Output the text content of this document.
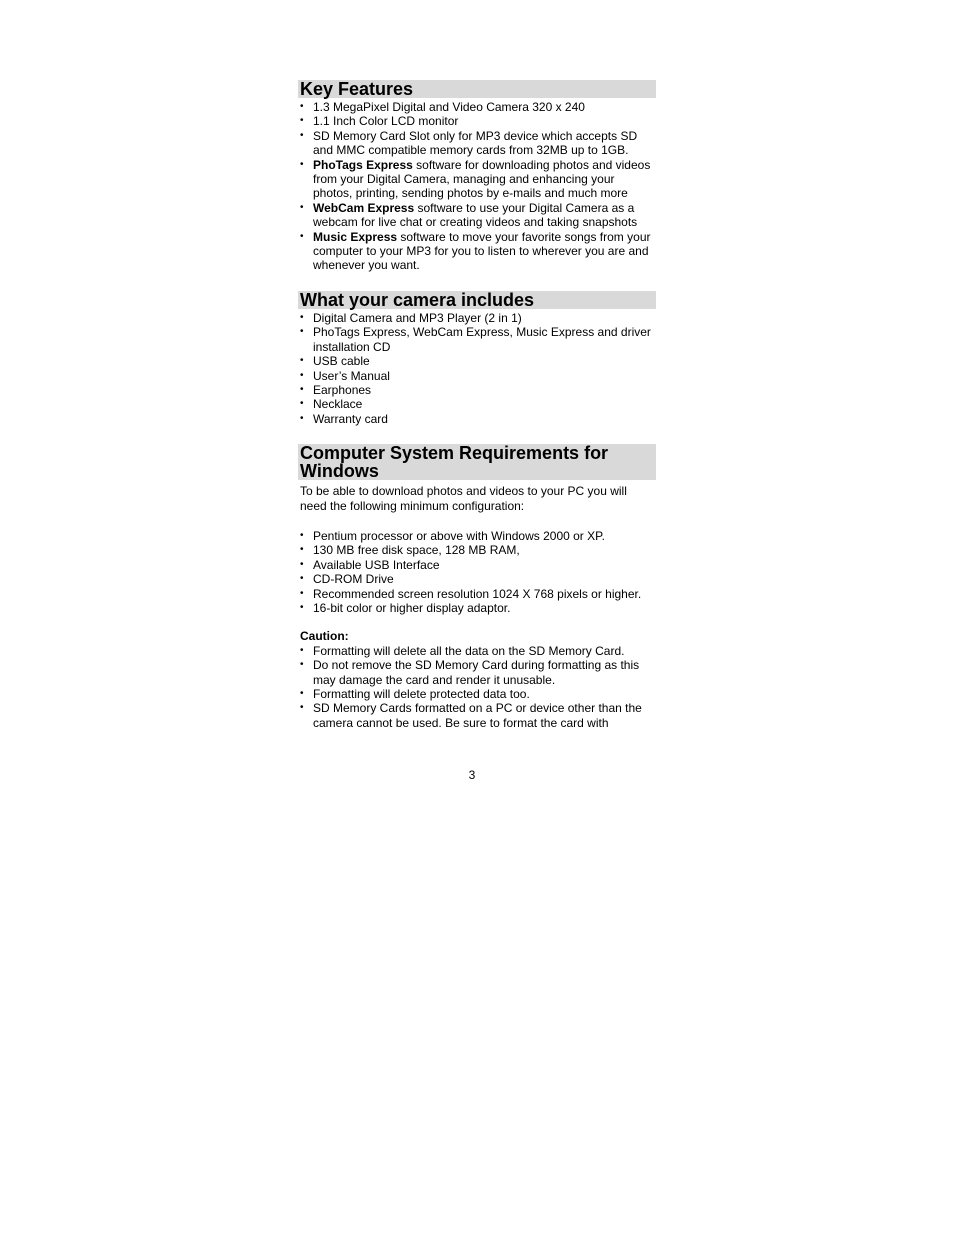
Key Features
• 1.3 MegaPixel Digital and Video Camera 320 x 240
• 1.1 Inch Color LCD monitor
• SD Memory Card Slot only for MP3 device which accepts SD and MMC compatible memory cards from 32MB up to 1GB.
• PhoTags Express software for downloading photos and videos from your Digital Camera, managing and enhancing your photos, printing, sending photos by e-mails and much more
• WebCam Express software to use your Digital Camera as a webcam for live chat or creating videos and taking snapshots
• Music Express software to move your favorite songs from your computer to your MP3 for you to listen to wherever you are and whenever you want.
What your camera includes
• Digital Camera and MP3 Player (2 in 1)
• PhoTags Express, WebCam Express, Music Express and driver installation CD
• USB cable
• User’s Manual
• Earphones
• Necklace
• Warranty card
Computer System Requirements for Windows

To be able to download photos and videos to your PC you will need the following minimum configuration:

• Pentium processor or above with Windows 2000 or XP.
• 130 MB free disk space, 128 MB RAM,
• Available USB Interface
• CD-ROM Drive
• Recommended screen resolution 1024 X 768 pixels or higher.
• 16-bit color or higher display adaptor.
Caution:
• Formatting will delete all the data on the SD Memory Card.
• Do not remove the SD Memory Card during formatting as this may damage the card and render it unusable.
• Formatting will delete protected data too.
• SD Memory Cards formatted on a PC or device other than the camera cannot be used. Be sure to format the card with
3
